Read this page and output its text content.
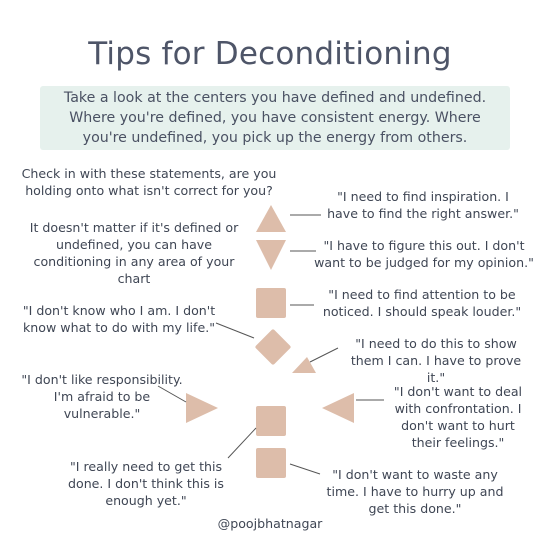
Tips for Deconditioning
Take a look at the centers you have defined and undefined. Where you're defined, you have consistent energy. Where you're undefined, you pick up the energy from others.
Check in with these statements, are you holding onto what isn't correct for you?
It doesn't matter if it's defined or undefined, you can have conditioning in any area of your chart
"I don't know who I am. I don't know what to do with my life."
"I don't like responsibility. I'm afraid to be vulnerable."
"I really need to get this done. I don't think this is enough yet."
"I need to find inspiration. I have to find the right answer."
"I have to figure this out. I don't want to be judged for my opinion."
"I need to find attention to be noticed. I should speak louder."
"I need to do this to show them I can. I have to prove it."
"I don't want to deal with confrontation. I don't want to hurt their feelings."
"I don't want to waste any time. I have to hurry up and get this done."
@poojbhatnagar
